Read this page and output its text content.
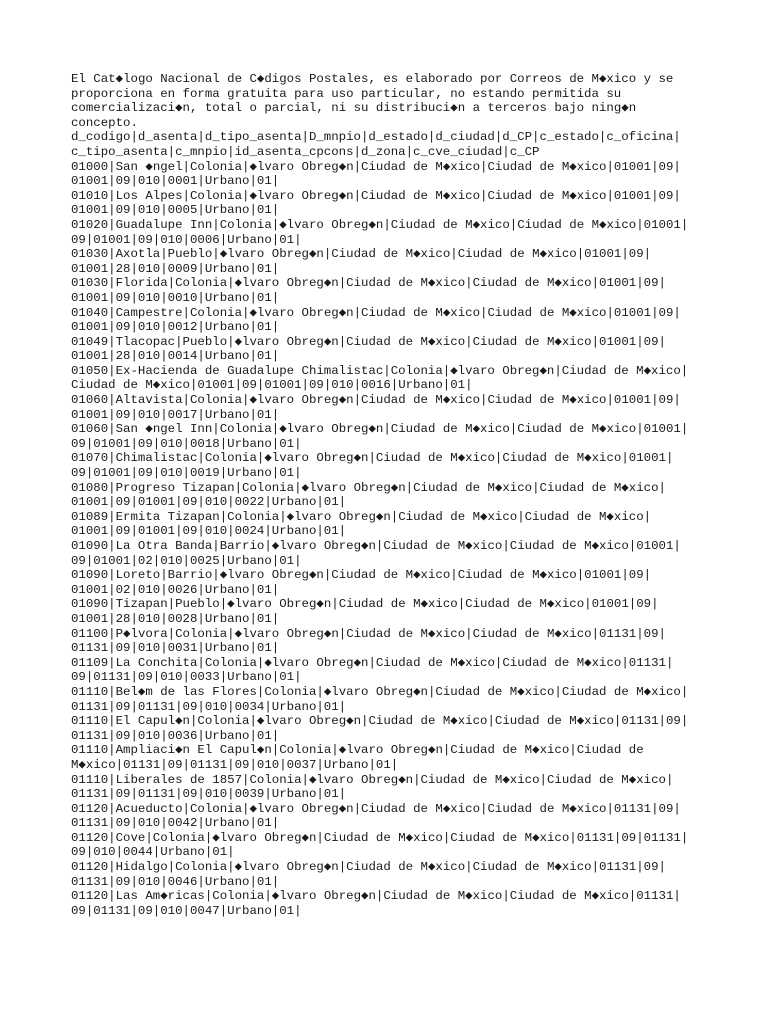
El Cat◆logo Nacional de C◆digos Postales, es elaborado por Correos de M◆xico y se
proporciona en forma gratuita para uso particular, no estando permitida su
comercializaci◆n, total o parcial, ni su distribuci◆n a terceros bajo ning◆n
concepto.
d_codigo|d_asenta|d_tipo_asenta|D_mnpio|d_estado|d_ciudad|d_CP|c_estado|c_oficina|
c_tipo_asenta|c_mnpio|id_asenta_cpcons|d_zona|c_cve_ciudad|c_CP
01000|San ◆ngel|Colonia|◆lvaro Obreg◆n|Ciudad de M◆xico|Ciudad de M◆xico|01001|09|
01001|09|010|0001|Urbano|01|
01010|Los Alpes|Colonia|◆lvaro Obreg◆n|Ciudad de M◆xico|Ciudad de M◆xico|01001|09|
01001|09|010|0005|Urbano|01|
01020|Guadalupe Inn|Colonia|◆lvaro Obreg◆n|Ciudad de M◆xico|Ciudad de M◆xico|01001|
09|01001|09|010|0006|Urbano|01|
01030|Axotla|Pueblo|◆lvaro Obreg◆n|Ciudad de M◆xico|Ciudad de M◆xico|01001|09|
01001|28|010|0009|Urbano|01|
01030|Florida|Colonia|◆lvaro Obreg◆n|Ciudad de M◆xico|Ciudad de M◆xico|01001|09|
01001|09|010|0010|Urbano|01|
01040|Campestre|Colonia|◆lvaro Obreg◆n|Ciudad de M◆xico|Ciudad de M◆xico|01001|09|
01001|09|010|0012|Urbano|01|
01049|Tlacopac|Pueblo|◆lvaro Obreg◆n|Ciudad de M◆xico|Ciudad de M◆xico|01001|09|
01001|28|010|0014|Urbano|01|
01050|Ex-Hacienda de Guadalupe Chimalistac|Colonia|◆lvaro Obreg◆n|Ciudad de M◆xico|
Ciudad de M◆xico|01001|09|01001|09|010|0016|Urbano|01|
01060|Altavista|Colonia|◆lvaro Obreg◆n|Ciudad de M◆xico|Ciudad de M◆xico|01001|09|
01001|09|010|0017|Urbano|01|
01060|San ◆ngel Inn|Colonia|◆lvaro Obreg◆n|Ciudad de M◆xico|Ciudad de M◆xico|01001|
09|01001|09|010|0018|Urbano|01|
01070|Chimalistac|Colonia|◆lvaro Obreg◆n|Ciudad de M◆xico|Ciudad de M◆xico|01001|
09|01001|09|010|0019|Urbano|01|
01080|Progreso Tizapan|Colonia|◆lvaro Obreg◆n|Ciudad de M◆xico|Ciudad de M◆xico|
01001|09|01001|09|010|0022|Urbano|01|
01089|Ermita Tizapan|Colonia|◆lvaro Obreg◆n|Ciudad de M◆xico|Ciudad de M◆xico|
01001|09|01001|09|010|0024|Urbano|01|
01090|La Otra Banda|Barrio|◆lvaro Obreg◆n|Ciudad de M◆xico|Ciudad de M◆xico|01001|
09|01001|02|010|0025|Urbano|01|
01090|Loreto|Barrio|◆lvaro Obreg◆n|Ciudad de M◆xico|Ciudad de M◆xico|01001|09|
01001|02|010|0026|Urbano|01|
01090|Tizapan|Pueblo|◆lvaro Obreg◆n|Ciudad de M◆xico|Ciudad de M◆xico|01001|09|
01001|28|010|0028|Urbano|01|
01100|P◆lvora|Colonia|◆lvaro Obreg◆n|Ciudad de M◆xico|Ciudad de M◆xico|01131|09|
01131|09|010|0031|Urbano|01|
01109|La Conchita|Colonia|◆lvaro Obreg◆n|Ciudad de M◆xico|Ciudad de M◆xico|01131|
09|01131|09|010|0033|Urbano|01|
01110|Bel◆m de las Flores|Colonia|◆lvaro Obreg◆n|Ciudad de M◆xico|Ciudad de M◆xico|
01131|09|01131|09|010|0034|Urbano|01|
01110|El Capul◆n|Colonia|◆lvaro Obreg◆n|Ciudad de M◆xico|Ciudad de M◆xico|01131|09|
01131|09|010|0036|Urbano|01|
01110|Ampliaci◆n El Capul◆n|Colonia|◆lvaro Obreg◆n|Ciudad de M◆xico|Ciudad de
M◆xico|01131|09|01131|09|010|0037|Urbano|01|
01110|Liberales de 1857|Colonia|◆lvaro Obreg◆n|Ciudad de M◆xico|Ciudad de M◆xico|
01131|09|01131|09|010|0039|Urbano|01|
01120|Acueducto|Colonia|◆lvaro Obreg◆n|Ciudad de M◆xico|Ciudad de M◆xico|01131|09|
01131|09|010|0042|Urbano|01|
01120|Cove|Colonia|◆lvaro Obreg◆n|Ciudad de M◆xico|Ciudad de M◆xico|01131|09|01131|
09|010|0044|Urbano|01|
01120|Hidalgo|Colonia|◆lvaro Obreg◆n|Ciudad de M◆xico|Ciudad de M◆xico|01131|09|
01131|09|010|0046|Urbano|01|
01120|Las Am◆ricas|Colonia|◆lvaro Obreg◆n|Ciudad de M◆xico|Ciudad de M◆xico|01131|
09|01131|09|010|0047|Urbano|01|
